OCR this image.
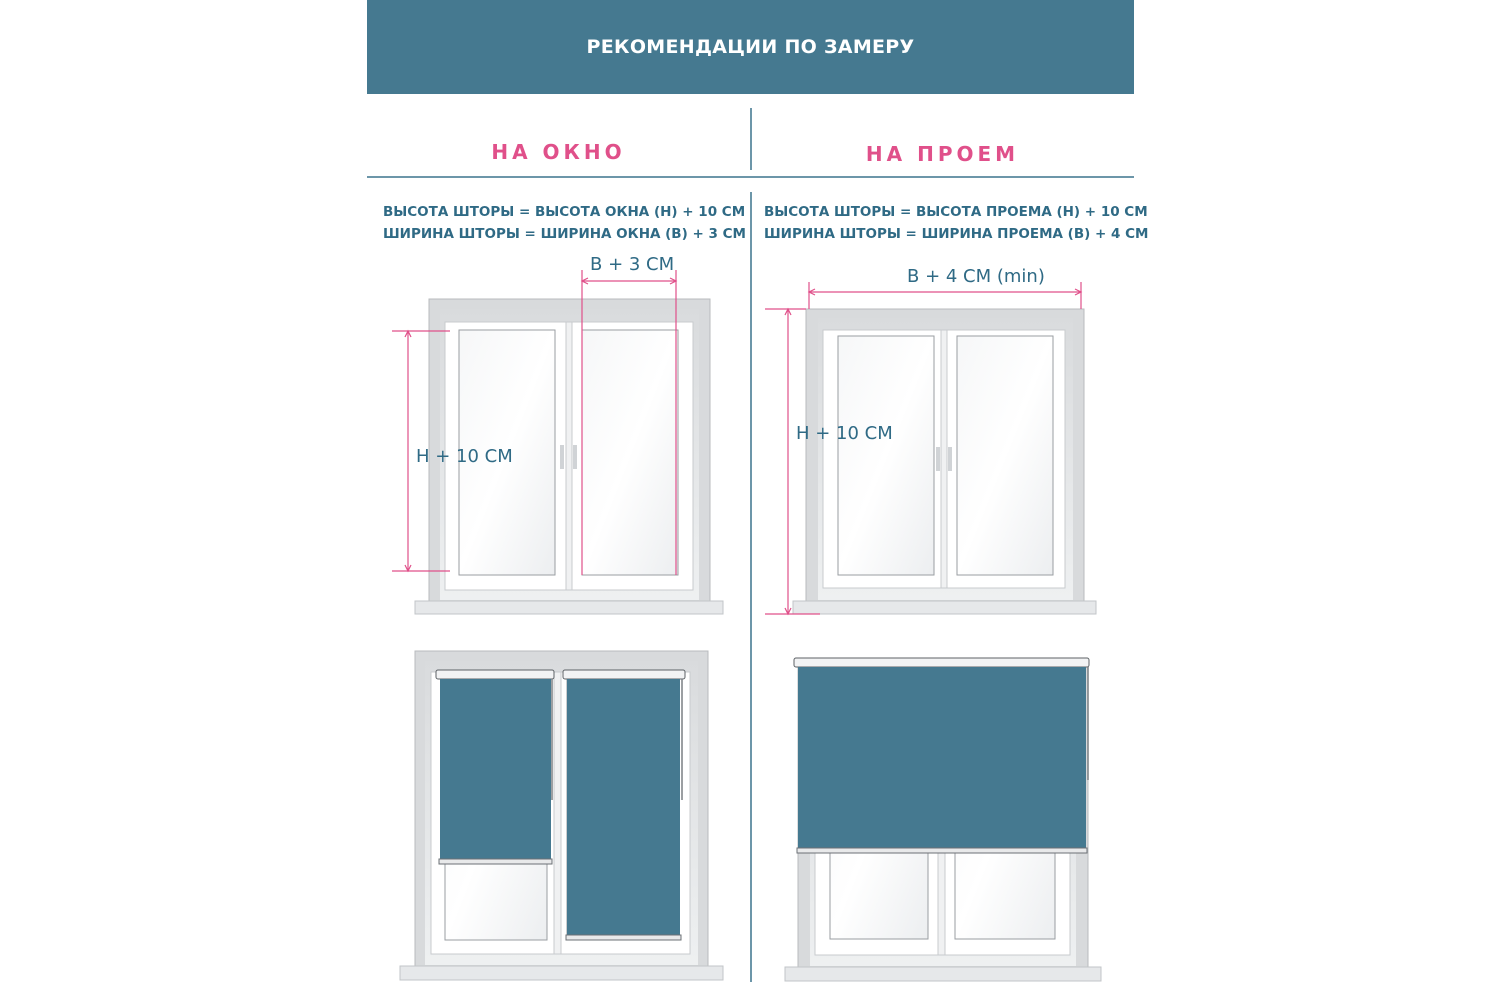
РЕКОМЕНДАЦИИ ПО ЗАМЕРУ
НА ОКНО	НА ПРОЕМ
ВЫСОТА ШТОРЫ = ВЫСОТА ОКНА (Н) + 10 СМ
ШИРИНА ШТОРЫ = ШИРИНА ОКНА (В) + 3 СМ
ВЫСОТА ШТОРЫ = ВЫСОТА ПРОЕМА (Н) + 10 СМ
ШИРИНА ШТОРЫ = ШИРИНА ПРОЕМА (В) + 4 СМ
В + 3 СМ
Н + 10 СМ
В + 4 СМ (min)
Н + 10 СМ
